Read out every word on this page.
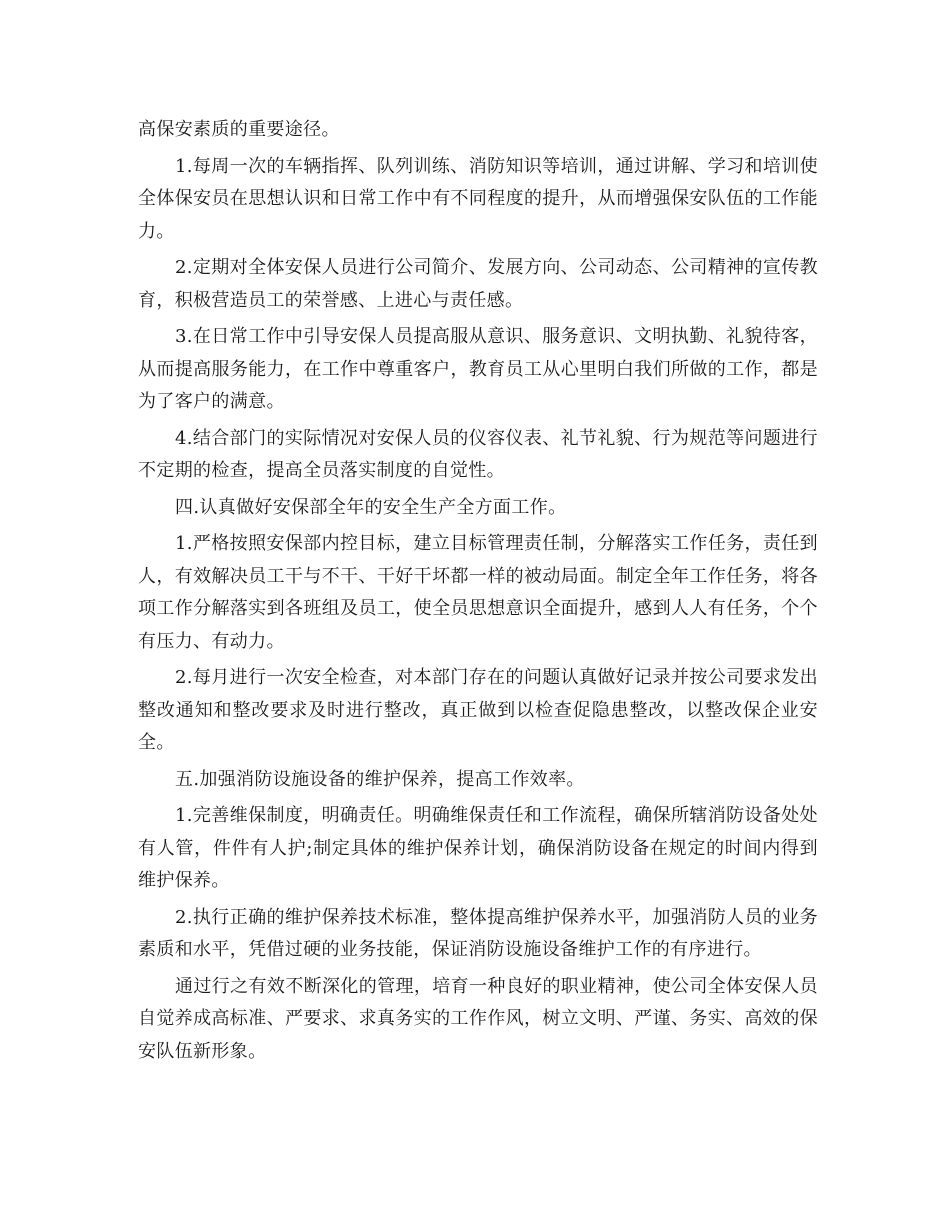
高保安素质的重要途径。

1.每周一次的车辆指挥、队列训练、消防知识等培训，通过讲解、学习和培训使全体保安员在思想认识和日常工作中有不同程度的提升，从而增强保安队伍的工作能力。

2.定期对全体安保人员进行公司简介、发展方向、公司动态、公司精神的宣传教育，积极营造员工的荣誉感、上进心与责任感。

3.在日常工作中引导安保人员提高服从意识、服务意识、文明执勤、礼貌待客，从而提高服务能力，在工作中尊重客户，教育员工从心里明白我们所做的工作，都是为了客户的满意。

4.结合部门的实际情况对安保人员的仪容仪表、礼节礼貌、行为规范等问题进行不定期的检查，提高全员落实制度的自觉性。

四.认真做好安保部全年的安全生产全方面工作。

1.严格按照安保部内控目标，建立目标管理责任制，分解落实工作任务，责任到人，有效解决员工干与不干、干好干坏都一样的被动局面。制定全年工作任务，将各项工作分解落实到各班组及员工，使全员思想意识全面提升，感到人人有任务，个个有压力、有动力。

2.每月进行一次安全检查，对本部门存在的问题认真做好记录并按公司要求发出整改通知和整改要求及时进行整改，真正做到以检查促隐患整改，以整改保企业安全。

五.加强消防设施设备的维护保养，提高工作效率。

1.完善维保制度，明确责任。明确维保责任和工作流程，确保所辖消防设备处处有人管，件件有人护;制定具体的维护保养计划，确保消防设备在规定的时间内得到维护保养。

2.执行正确的维护保养技术标准，整体提高维护保养水平，加强消防人员的业务素质和水平，凭借过硬的业务技能，保证消防设施设备维护工作的有序进行。

通过行之有效不断深化的管理，培育一种良好的职业精神，使公司全体安保人员自觉养成高标准、严要求、求真务实的工作作风，树立文明、严谨、务实、高效的保安队伍新形象。
